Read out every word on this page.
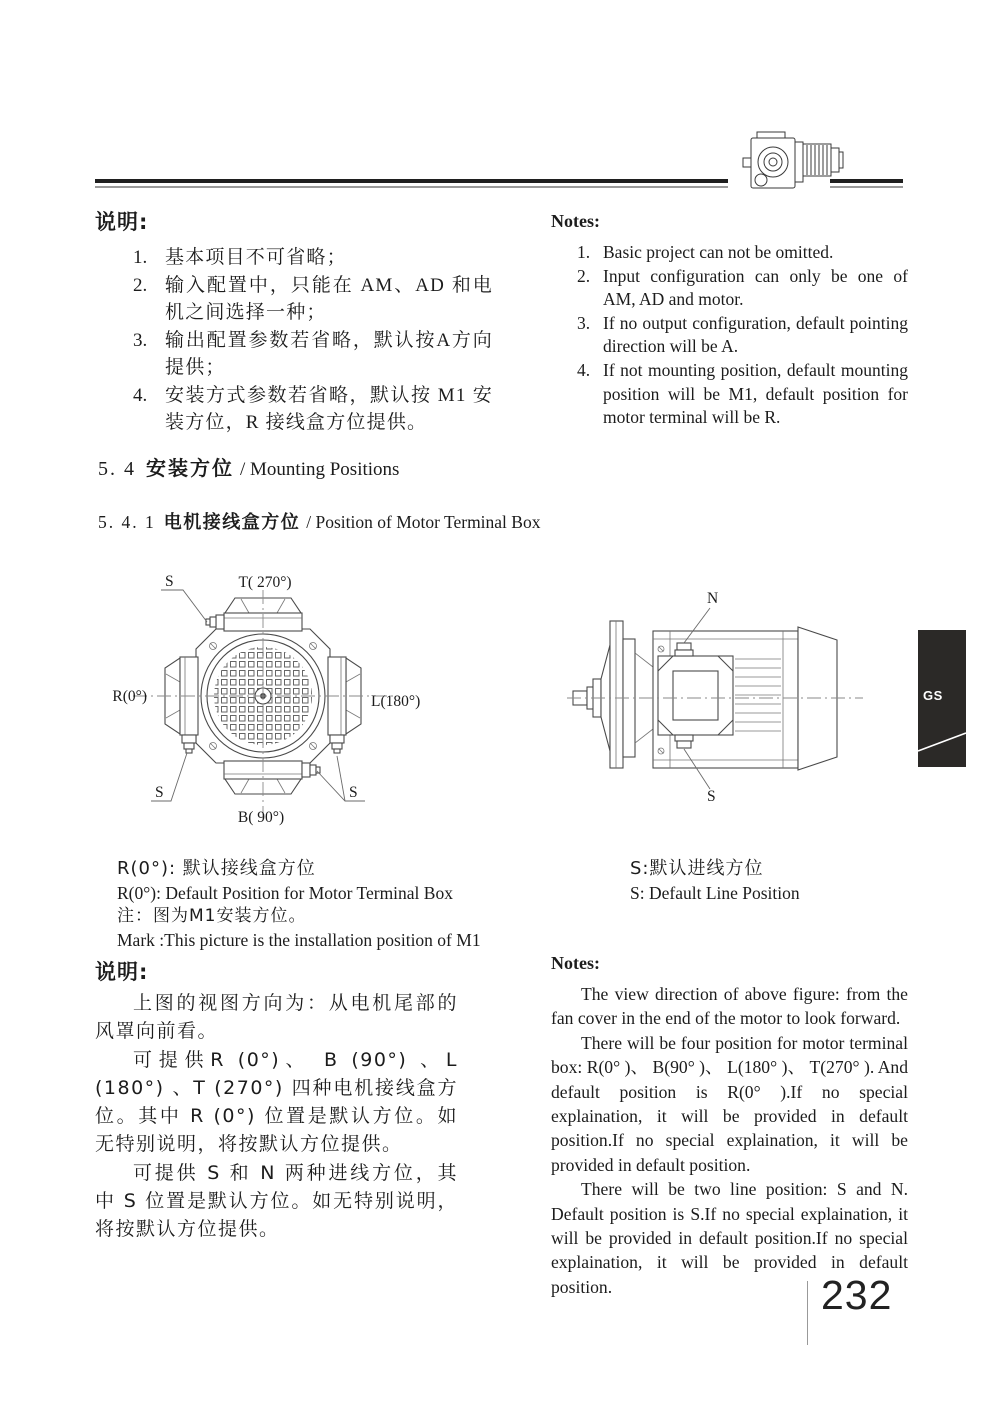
说明:
1. 基本项目不可省略；
2. 输入配置中，只能在 AM、AD 和电机之间选择一种；
3. 输出配置参数若省略，默认按A方向提供；
4. 安装方式参数若省略，默认按 M1 安装方位，R 接线盒方位提供。
Notes:
1. Basic project can not be omitted.
2. Input configuration can only be one of AM, AD and motor.
3. If no output configuration, default pointing direction will be A.
4. If not mounting position, default mounting position will be M1, default position for motor terminal will be R.
5. 4 安装方位 / Mounting Positions
5. 4. 1 电机接线盒方位 / Position of Motor Terminal Box
S	T( 270°)
R(0°)	L(180°)
S	S
B( 90°)
N
S
R(0°): 默认接线盒方位
R(0°): Default Position for Motor Terminal Box
注：图为M1安装方位。
Mark :This picture is the installation position of M1
S:默认进线方位
S: Default Line Position
说明:

上图的视图方向为：从电机尾部的风罩向前看。

可提供R (0°)、 B (90°) 、L (180°) 、T (270°) 四种电机接线盒方位。其中 R (0°) 位置是默认方位。如无特别说明，将按默认方位提供。

可提供 S 和 N 两种进线方位，其中 S 位置是默认方位。如无特别说明，将按默认方位提供。

Notes:

The view direction of above figure: from the fan cover in the end of the motor to look forward.

There will be four position for motor terminal box: R(0° )、 B(90° )、 L(180° )、 T(270° ). And default position is R(0° ).If no special explaination, it will be provided in default position.If no special explaination, it will be provided in default position.

There will be two line position: S and N. Default position is S.If no special explaination, it will be provided in default position.If no special explaination, it will be provided in default position.

GS
232
